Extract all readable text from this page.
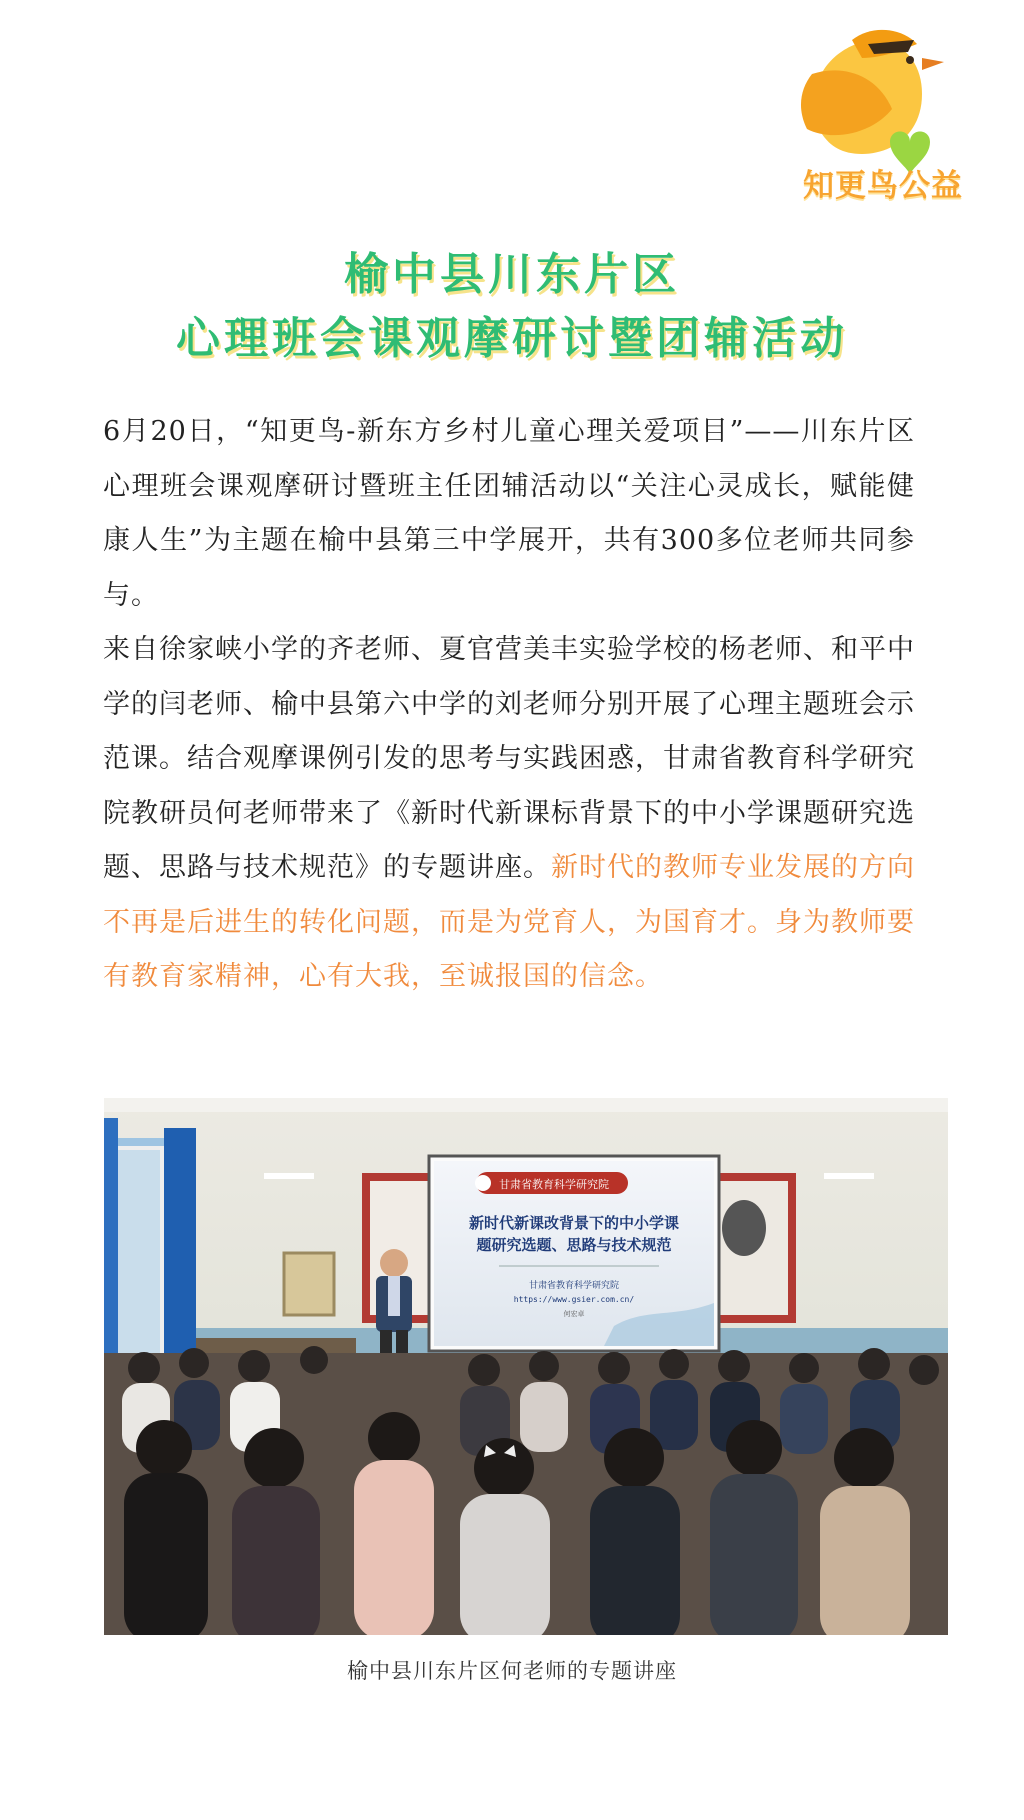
知更鸟公益
榆中县川东片区
心理班会课观摩研讨暨团辅活动

6月20日，“知更鸟-新东方乡村儿童心理关爱项目”——川东片区心理班会课观摩研讨暨班主任团辅活动以“关注心灵成长，赋能健康人生”为主题在榆中县第三中学展开，共有300多位老师共同参与。

来自徐家峡小学的齐老师、夏官营美丰实验学校的杨老师、和平中学的闫老师、榆中县第六中学的刘老师分别开展了心理主题班会示范课。结合观摩课例引发的思考与实践困惑，甘肃省教育科学研究院教研员何老师带来了《新时代新课标背景下的中小学课题研究选题、思路与技术规范》的专题讲座。新时代的教师专业发展的方向不再是后进生的转化问题，而是为党育人，为国育才。身为教师要有教育家精神，心有大我，至诚报国的信念。

甘肃省教育科学研究院
新时代新课改背景下的中小学课
题研究选题、思路与技术规范
甘肃省教育科学研究院
https://www.gsier.com.cn/
何宏卓
榆中县川东片区何老师的专题讲座
